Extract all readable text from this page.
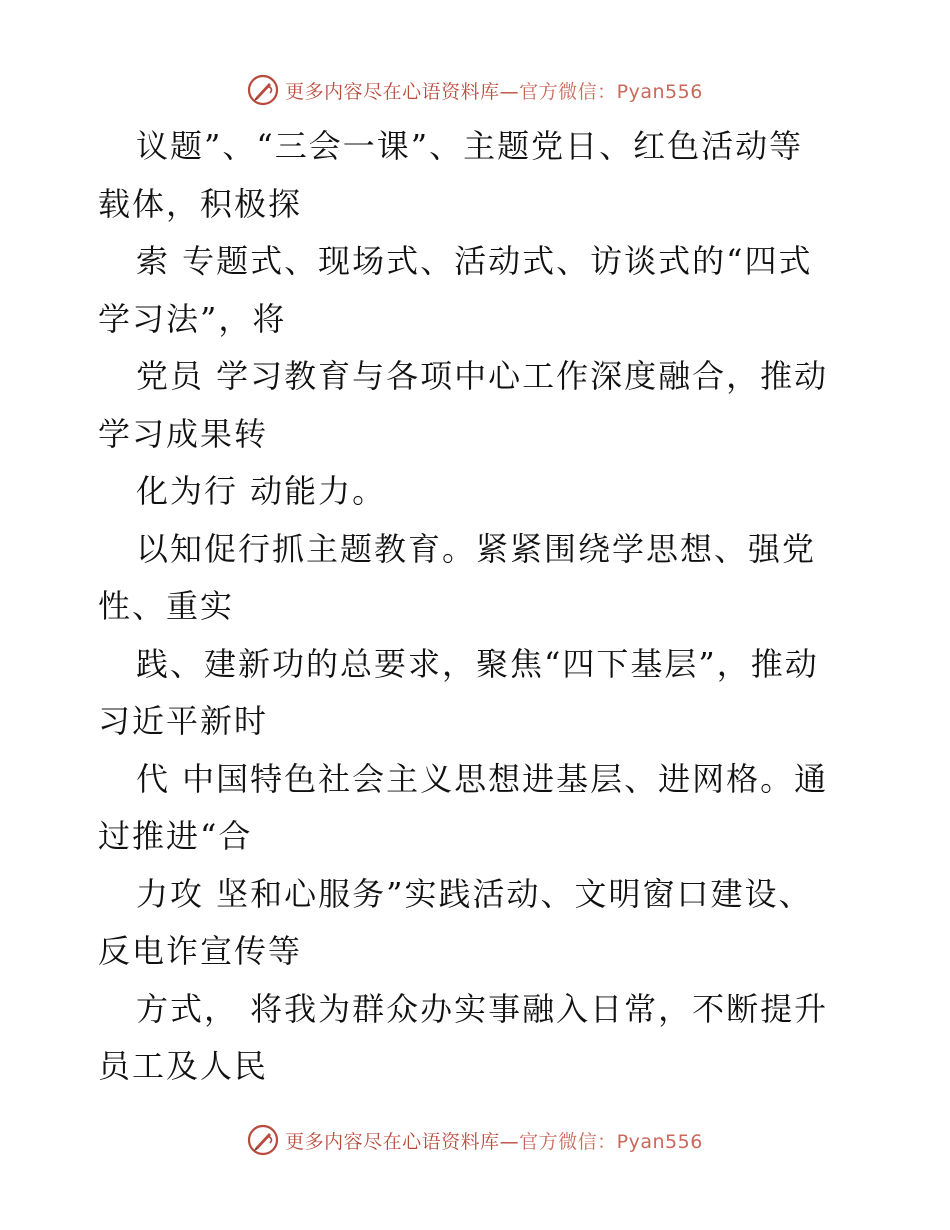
更多内容尽在心语资料库—官方微信：Pyan556
议题”、“三会一课”、主题党日、红色活动等
载体，积极探
索 专题式、现场式、活动式、访谈式的“四式
学习法”，将
党员 学习教育与各项中心工作深度融合，推动
学习成果转
化为行 动能力。
以知促行抓主题教育。紧紧围绕学思想、强党
性、重实
践、建新功的总要求，聚焦“四下基层”，推动
习近平新时
代 中国特色社会主义思想进基层、进网格。通
过推进“合
力攻 坚和心服务”实践活动、文明窗口建设、
反电诈宣传等
方式， 将我为群众办实事融入日常，不断提升
员工及人民
更多内容尽在心语资料库—官方微信：Pyan556
